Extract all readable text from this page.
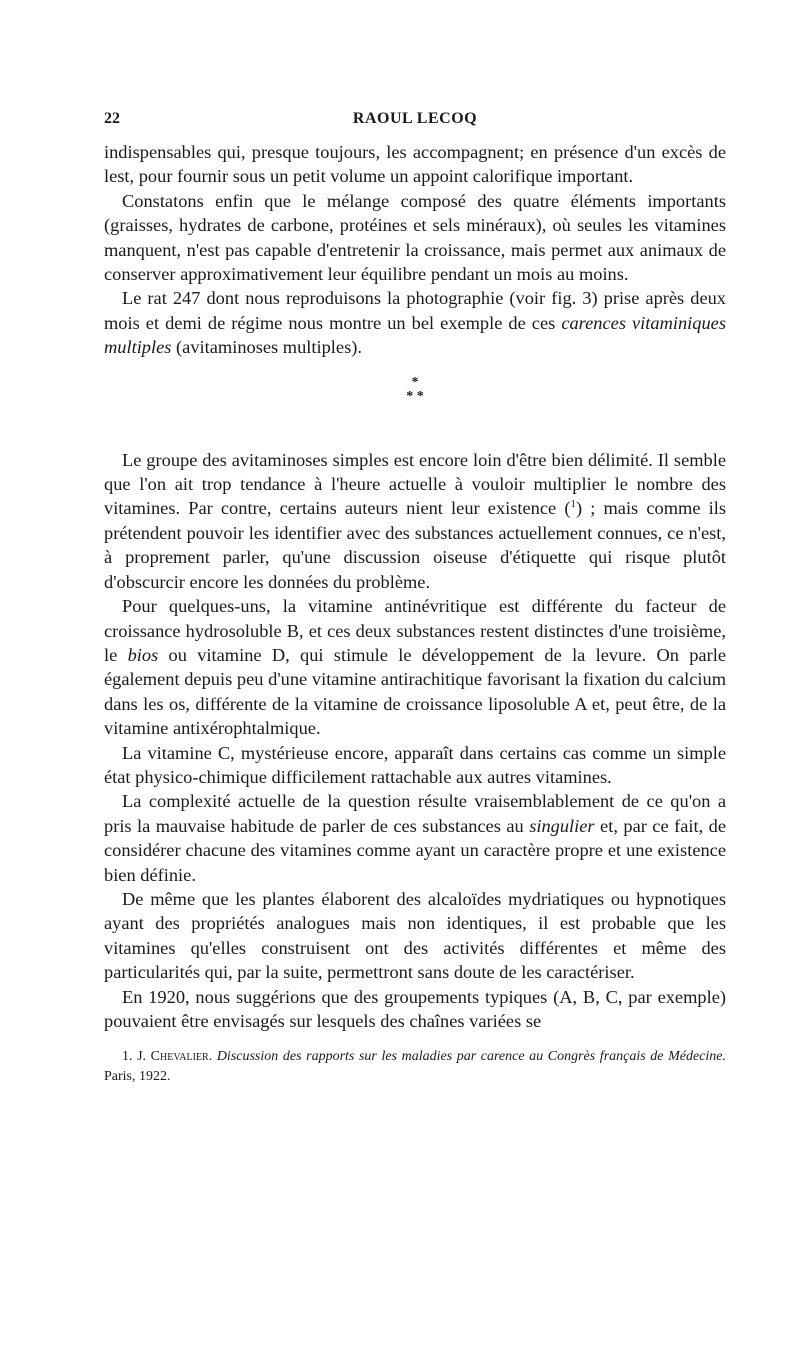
22	RAOUL LECOQ

indispensables qui, presque toujours, les accompagnent; en présence d'un excès de lest, pour fournir sous un petit volume un appoint calorifique important.

Constatons enfin que le mélange composé des quatre éléments importants (graisses, hydrates de carbone, protéines et sels minéraux), où seules les vitamines manquent, n'est pas capable d'entretenir la croissance, mais permet aux animaux de conserver approximativement leur équilibre pendant un mois au moins.

Le rat 247 dont nous reproduisons la photographie (voir fig. 3) prise après deux mois et demi de régime nous montre un bel exemple de ces carences vitaminiques multiples (avitaminoses multiples).

*
* *

Le groupe des avitaminoses simples est encore loin d'être bien délimité. Il semble que l'on ait trop tendance à l'heure actuelle à vouloir multiplier le nombre des vitamines. Par contre, certains auteurs nient leur existence ($^1$) ; mais comme ils prétendent pouvoir les identifier avec des substances actuellement connues, ce n'est, à proprement parler, qu'une discussion oiseuse d'étiquette qui risque plutôt d'obscurcir encore les données du problème.

Pour quelques-uns, la vitamine antinévritique est différente du facteur de croissance hydrosoluble B, et ces deux substances restent distinctes d'une troisième, le bios ou vitamine D, qui stimule le développement de la levure. On parle également depuis peu d'une vitamine antirachitique favorisant la fixation du calcium dans les os, différente de la vitamine de croissance liposoluble A et, peut être, de la vitamine antixérophtalmique.

La vitamine C, mystérieuse encore, apparaît dans certains cas comme un simple état physico-chimique difficilement rattachable aux autres vitamines.

La complexité actuelle de la question résulte vraisemblablement de ce qu'on a pris la mauvaise habitude de parler de ces substances au singulier et, par ce fait, de considérer chacune des vitamines comme ayant un caractère propre et une existence bien définie.

De même que les plantes élaborent des alcaloïdes mydriatiques ou hypnotiques ayant des propriétés analogues mais non identiques, il est probable que les vitamines qu'elles construisent ont des activités différentes et même des particularités qui, par la suite, permettront sans doute de les caractériser.

En 1920, nous suggérions que des groupements typiques (A, B, C, par exemple) pouvaient être envisagés sur lesquels des chaînes variées se

1. J. Chevalier. Discussion des rapports sur les maladies par carence au Congrès français de Médecine. Paris, 1922.
